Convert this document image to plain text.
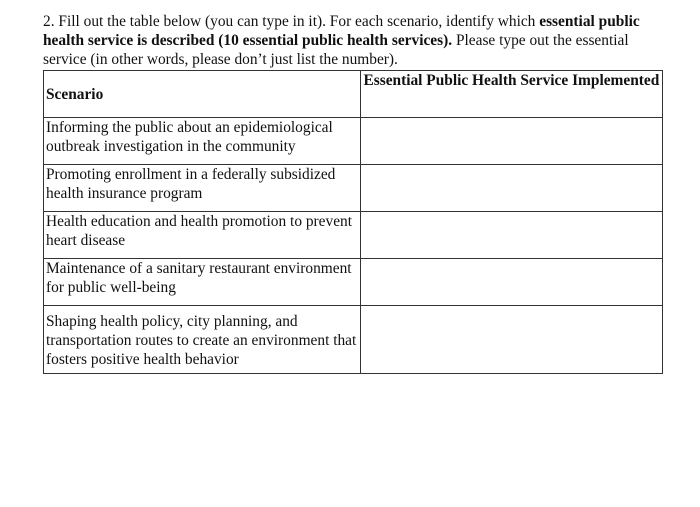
2. Fill out the table below (you can type in it). For each scenario, identify which essential public health service is described (10 essential public health services). Please type out the essential service (in other words, please don’t just list the number).
Scenario	Essential Public Health Service Implemented
Informing the public about an epidemiological outbreak investigation in the community	
Promoting enrollment in a federally subsidized health insurance program	
Health education and health promotion to prevent heart disease	
Maintenance of a sanitary restaurant environment for public well-being	
Shaping health policy, city planning, and transportation routes to create an environment that fosters positive health behavior	
